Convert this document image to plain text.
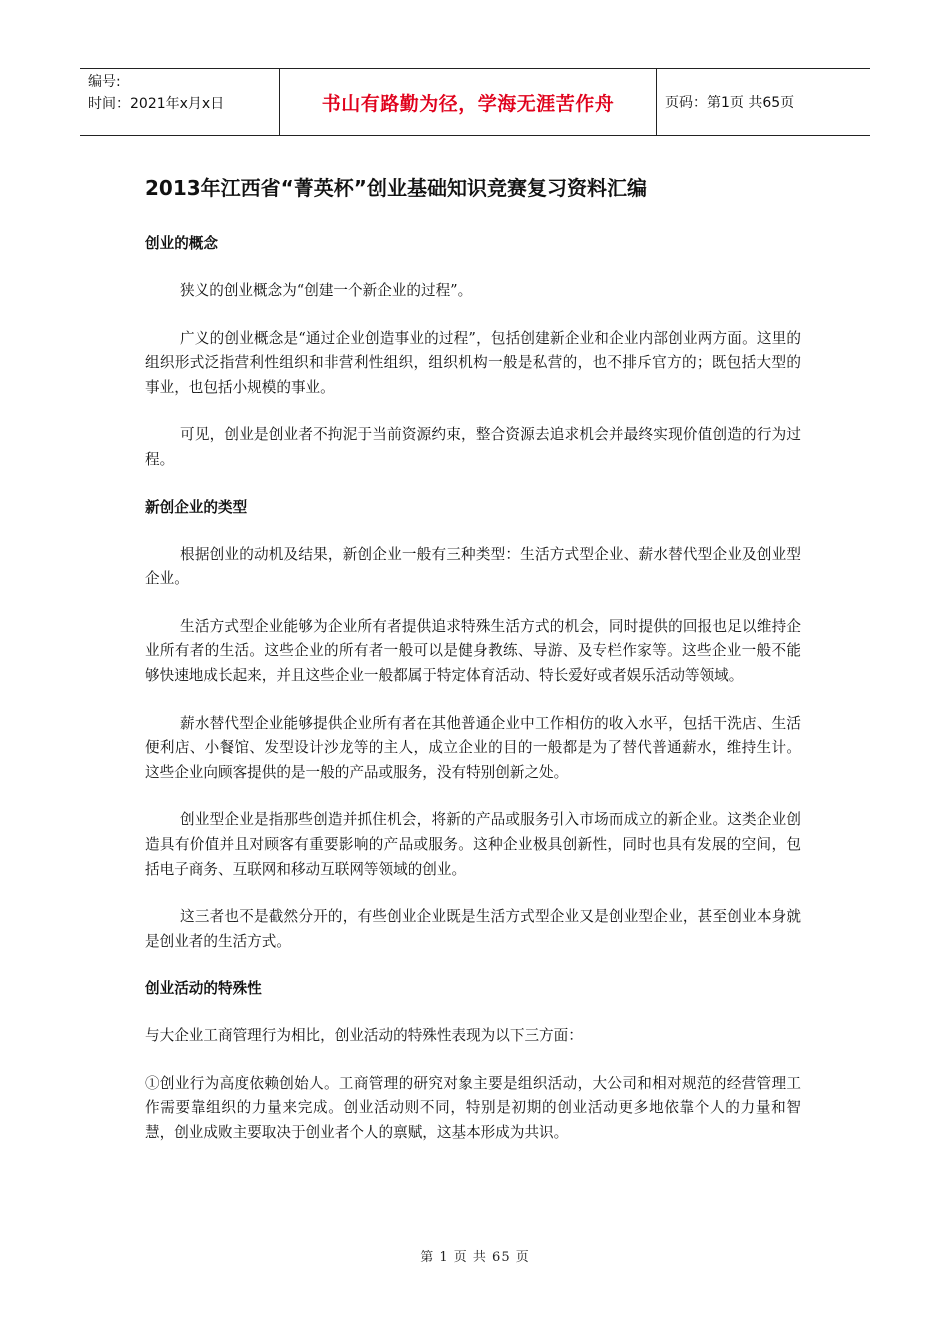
编号:
时间：2021年x月x日	书山有路勤为径，学海无涯苦作舟	页码：第1页 共65页
2013年江西省“菁英杯”创业基础知识竞赛复习资料汇编
创业的概念

狭义的创业概念为“创建一个新企业的过程”。

广义的创业概念是“通过企业创造事业的过程”，包括创建新企业和企业内部创业两方面。这里的组织形式泛指营利性组织和非营利性组织，组织机构一般是私营的，也不排斥官方的；既包括大型的事业，也包括小规模的事业。

可见，创业是创业者不拘泥于当前资源约束，整合资源去追求机会并最终实现价值创造的行为过程。

新创企业的类型

根据创业的动机及结果，新创企业一般有三种类型：生活方式型企业、薪水替代型企业及创业型企业。

生活方式型企业能够为企业所有者提供追求特殊生活方式的机会，同时提供的回报也足以维持企业所有者的生活。这些企业的所有者一般可以是健身教练、导游、及专栏作家等。这些企业一般不能够快速地成长起来，并且这些企业一般都属于特定体育活动、特长爱好或者娱乐活动等领域。

薪水替代型企业能够提供企业所有者在其他普通企业中工作相仿的收入水平，包括干洗店、生活便利店、小餐馆、发型设计沙龙等的主人，成立企业的目的一般都是为了替代普通薪水，维持生计。这些企业向顾客提供的是一般的产品或服务，没有特别创新之处。

创业型企业是指那些创造并抓住机会，将新的产品或服务引入市场而成立的新企业。这类企业创造具有价值并且对顾客有重要影响的产品或服务。这种企业极具创新性，同时也具有发展的空间，包括电子商务、互联网和移动互联网等领域的创业。

这三者也不是截然分开的，有些创业企业既是生活方式型企业又是创业型企业，甚至创业本身就是创业者的生活方式。

创业活动的特殊性

与大企业工商管理行为相比，创业活动的特殊性表现为以下三方面：

①创业行为高度依赖创始人。工商管理的研究对象主要是组织活动，大公司和相对规范的经营管理工作需要靠组织的力量来完成。创业活动则不同，特别是初期的创业活动更多地依靠个人的力量和智慧，创业成败主要取决于创业者个人的禀赋，这基本形成为共识。

第 1 页 共 65 页
